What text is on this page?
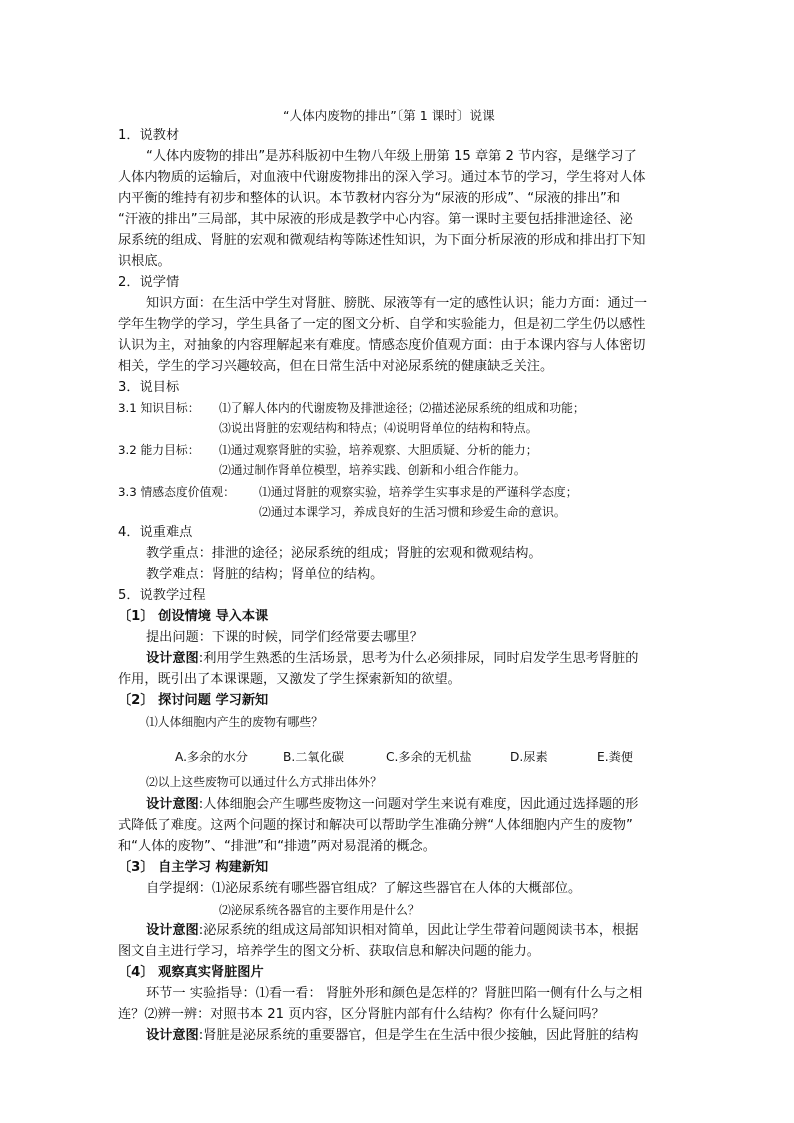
“人体内废物的排出”〔第 1 课时〕说课
1．说教材
“人体内废物的排出”是苏科版初中生物八年级上册第 15 章第 2 节内容，是继学习了
人体内物质的运输后，对血液中代谢废物排出的深入学习。通过本节的学习，学生将对人体
内平衡的维持有初步和整体的认识。本节教材内容分为“尿液的形成”、“尿液的排出”和
“汗液的排出”三局部，其中尿液的形成是教学中心内容。第一课时主要包括排泄途径、泌
尿系统的组成、肾脏的宏观和微观结构等陈述性知识，为下面分析尿液的形成和排出打下知
识根底。
2．说学情
知识方面：在生活中学生对肾脏、膀胱、尿液等有一定的感性认识；能力方面：通过一
学年生物学的学习，学生具备了一定的图文分析、自学和实验能力，但是初二学生仍以感性
认识为主，对抽象的内容理解起来有难度。情感态度价值观方面：由于本课内容与人体密切
相关，学生的学习兴趣较高，但在日常生活中对泌尿系统的健康缺乏关注。
3．说目标
3.1 知识目标： ⑴了解人体内的代谢废物及排泄途径；⑵描述泌尿系统的组成和功能；
⑶说出肾脏的宏观结构和特点；⑷说明肾单位的结构和特点。
3.2 能力目标： ⑴通过观察肾脏的实验，培养观察、大胆质疑、分析的能力；
⑵通过制作肾单位模型，培养实践、创新和小组合作能力。
3.3 情感态度价值观： ⑴通过肾脏的观察实验，培养学生实事求是的严谨科学态度；
⑵通过本课学习，养成良好的生活习惯和珍爱生命的意识。
4．说重难点
教学重点：排泄的途径；泌尿系统的组成；肾脏的宏观和微观结构。
教学难点：肾脏的结构；肾单位的结构。
5．说教学过程
〔1〕 创设情境 导入本课
提出问题：下课的时候，同学们经常要去哪里？
设计意图:利用学生熟悉的生活场景，思考为什么必须排尿，同时启发学生思考肾脏的
作用，既引出了本课课题，又激发了学生探索新知的欲望。
〔2〕 探讨问题 学习新知
⑴人体细胞内产生的废物有哪些？
A.多余的水分	B.二氧化碳	C.多余的无机盐	D.尿素	E.粪便
⑵以上这些废物可以通过什么方式排出体外？
设计意图:人体细胞会产生哪些废物这一问题对学生来说有难度，因此通过选择题的形
式降低了难度。这两个问题的探讨和解决可以帮助学生准确分辨“人体细胞内产生的废物”
和“人体的废物”、“排泄”和“排遗”两对易混淆的概念。
〔3〕 自主学习 构建新知
自学提纲：⑴泌尿系统有哪些器官组成？了解这些器官在人体的大概部位。
⑵泌尿系统各器官的主要作用是什么？
设计意图:泌尿系统的组成这局部知识相对简单，因此让学生带着问题阅读书本，根据
图文自主进行学习，培养学生的图文分析、获取信息和解决问题的能力。
〔4〕 观察真实肾脏图片
环节一 实验指导：⑴看一看： 肾脏外形和颜色是怎样的？肾脏凹陷一侧有什么与之相
连？⑵辨一辨：对照书本 21 页内容，区分肾脏内部有什么结构？你有什么疑问吗？
设计意图:肾脏是泌尿系统的重要器官，但是学生在生活中很少接触，因此肾脏的结构
